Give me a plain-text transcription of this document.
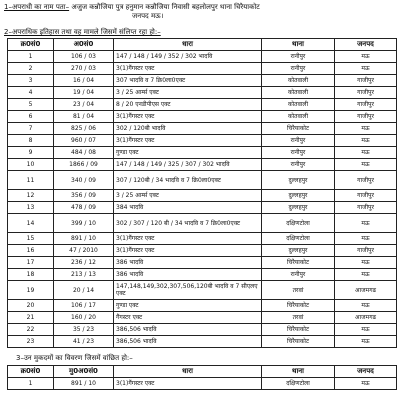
1–अपराधी का नाम पता– अजुज कन्नौजिया पुत्र हनुमान कन्नौजिया निवासी बहलोलपुर थाना चिरैयाकोट
जनपद मऊ।
2–अपराधिक इतिहास तथा वह मामले जिसमें संलिप्त रहा हो:–
क्र0सं0	अ0सं0	धारा	थाना	जनपद
1	106 / 03	147 / 148 / 149 / 352 / 302 भादवि	रानीपुर	मऊ
2	270 / 03	3(1)गैंगस्टर एक्ट	रानीपुर	मऊ
3	16 / 04	307 भादवि व 7 क्रि0ला0एक्ट	कोतवाली	गाजीपुर
4	19 / 04	3 / 25 आर्म्स एक्ट	कोतवाली	गाजीपुर
5	23 / 04	8 / 20 एनडीपीएस एक्ट	कोतवाली	गाजीपुर
6	81 / 04	3(1)गैंगस्टर एक्ट	कोतवाली	गाजीपुर
7	825 / 06	302 / 120बी भादवि	चिरैयाकोट	मऊ
8	960 / 07	3(1)गैंगस्टर एक्ट	रानीपुर	मऊ
9	484 / 08	गुण्डा एक्ट	रानीपुर	मऊ
10	1866 / 09	147 / 148 / 149 / 325 / 307 / 302 भादवि	रानीपुर	मऊ
11	340 / 09	307 / 120बी / 34 भादवि व 7 क्रि0ला0एक्ट	दुल्लहपुर	गाजीपुर
12	356 / 09	3 / 25 आर्म्स एक्ट	दुल्लहपुर	गाजीपुर
13	478 / 09	384 भादवि	दुल्लहपुर	गाजीपुर
14	399 / 10	302 / 307 / 120 बी / 34 भादवि व 7 क्रि0ला0एक्ट	दक्षिणटोला	मऊ
15	891 / 10	3(1)गैंगस्टर एक्ट	दक्षिणटोला	मऊ
16	47 / 2010	3(1)गैंगस्टर एक्ट	दुल्लहपुर	गाजीपुर
17	236 / 12	386 भादवि	चिरैयाकोट	मऊ
18	213 / 13	386 भादवि	रानीपुर	मऊ
19	20 / 14	147,148,149,302,307,506,120बी भादवि व 7 सीएलए एक्ट	तरवां	आजमगढ
20	106 / 17	गुण्डा एक्ट	चिरैयाकोट	मऊ
21	160 / 20	गैंगस्टर एक्ट	तरवां	आजमगढ
22	35 / 23	386,506 भादवि	चिरैयाकोट	मऊ
23	41 / 23	386,506 भादवि	चिरैयाकोट	मऊ
3–उन मुकदमों का विवरण जिसमें वांछित हो:–
क्र0सं0	मु0अ0सं0	धारा	थाना	जनपद
1	891 / 10	3(1)गैंगस्टर एक्ट	दक्षिणटोला	मऊ
